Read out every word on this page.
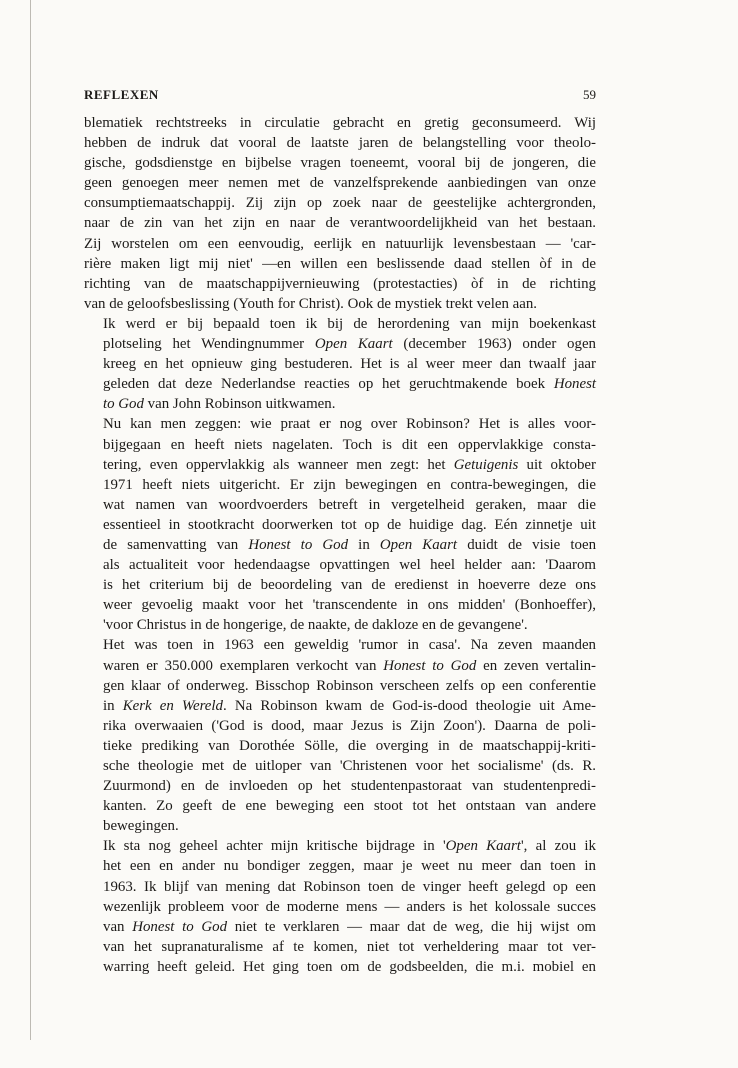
REFLEXEN	59

blematiek rechtstreeks in circulatie gebracht en gretig geconsumeerd. Wij
hebben de indruk dat vooral de laatste jaren de belangstelling voor theolo-
gische, godsdienstge en bijbelse vragen toeneemt, vooral bij de jongeren, die
geen genoegen meer nemen met de vanzelfsprekende aanbiedingen van onze
consumptiemaatschappij. Zij zijn op zoek naar de geestelijke achtergronden,
naar de zin van het zijn en naar de verantwoordelijkheid van het bestaan.
Zij worstelen om een eenvoudig, eerlijk en natuurlijk levensbestaan — 'car-
rière maken ligt mij niet' —en willen een beslissende daad stellen òf in de
richting van de maatschappijvernieuwing (protestacties) òf in de richting
van de geloofsbeslissing (Youth for Christ). Ook de mystiek trekt velen aan.

Ik werd er bij bepaald toen ik bij de herordening van mijn boekenkast
plotseling het Wendingnummer Open Kaart (december 1963) onder ogen
kreeg en het opnieuw ging bestuderen. Het is al weer meer dan twaalf jaar
geleden dat deze Nederlandse reacties op het geruchtmakende boek Honest
to God van John Robinson uitkwamen.

Nu kan men zeggen: wie praat er nog over Robinson? Het is alles voor-
bijgegaan en heeft niets nagelaten. Toch is dit een oppervlakkige consta-
tering, even oppervlakkig als wanneer men zegt: het Getuigenis uit oktober
1971 heeft niets uitgericht. Er zijn bewegingen en contra-bewegingen, die
wat namen van woordvoerders betreft in vergetelheid geraken, maar die
essentieel in stootkracht doorwerken tot op de huidige dag. Eén zinnetje uit
de samenvatting van Honest to God in Open Kaart duidt de visie toen
als actualiteit voor hedendaagse opvattingen wel heel helder aan: 'Daarom
is het criterium bij de beoordeling van de eredienst in hoeverre deze ons
weer gevoelig maakt voor het 'transcendente in ons midden' (Bonhoeffer),
'voor Christus in de hongerige, de naakte, de dakloze en de gevangene'.

Het was toen in 1963 een geweldig 'rumor in casa'. Na zeven maanden
waren er 350.000 exemplaren verkocht van Honest to God en zeven vertalin-
gen klaar of onderweg. Bisschop Robinson verscheen zelfs op een conferentie
in Kerk en Wereld. Na Robinson kwam de God-is-dood theologie uit Ame-
rika overwaaien ('God is dood, maar Jezus is Zijn Zoon'). Daarna de poli-
tieke prediking van Dorothée Sölle, die overging in de maatschappij-kriti-
sche theologie met de uitloper van 'Christenen voor het socialisme' (ds. R.
Zuurmond) en de invloeden op het studentenpastoraat van studentenpredi-
kanten. Zo geeft de ene beweging een stoot tot het ontstaan van andere
bewegingen.

Ik sta nog geheel achter mijn kritische bijdrage in 'Open Kaart', al zou ik
het een en ander nu bondiger zeggen, maar je weet nu meer dan toen in
1963. Ik blijf van mening dat Robinson toen de vinger heeft gelegd op een
wezenlijk probleem voor de moderne mens — anders is het kolossale succes
van Honest to God niet te verklaren — maar dat de weg, die hij wijst om
van het supranaturalisme af te komen, niet tot verheldering maar tot ver-
warring heeft geleid. Het ging toen om de godsbeelden, die m.i. mobiel en
